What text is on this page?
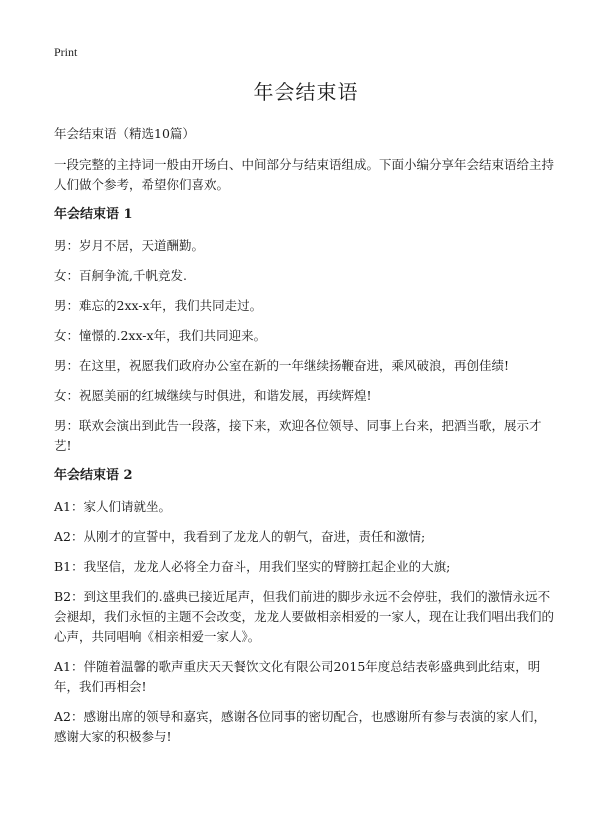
Print
年会结束语
年会结束语（精选10篇）
一段完整的主持词一般由开场白、中间部分与结束语组成。下面小编分享年会结束语给主持人们做个参考，希望你们喜欢。
年会结束语 1
男：岁月不居，天道酬勤。
女：百舸争流,千帆竞发.
男：难忘的2xx-x年，我们共同走过。
女：憧憬的.2xx-x年，我们共同迎来。
男：在这里，祝愿我们政府办公室在新的一年继续扬鞭奋进，乘风破浪，再创佳绩!
女：祝愿美丽的红城继续与时俱进，和谐发展，再续辉煌!
男：联欢会演出到此告一段落，接下来，欢迎各位领导、同事上台来，把酒当歌，展示才艺!
年会结束语 2
A1：家人们请就坐。
A2：从刚才的宣誓中，我看到了龙龙人的朝气，奋进，责任和激情;
B1：我坚信，龙龙人必将全力奋斗，用我们坚实的臂膀扛起企业的大旗;
B2：到这里我们的.盛典已接近尾声，但我们前进的脚步永远不会停驻，我们的激情永远不会褪却，我们永恒的主题不会改变，龙龙人要做相亲相爱的一家人，现在让我们唱出我们的心声，共同唱响《相亲相爱一家人》。
A1：伴随着温馨的歌声重庆天天餐饮文化有限公司2015年度总结表彰盛典到此结束，明年，我们再相会!
A2：感谢出席的领导和嘉宾，感谢各位同事的密切配合，也感谢所有参与表演的家人们，感谢大家的积极参与!
